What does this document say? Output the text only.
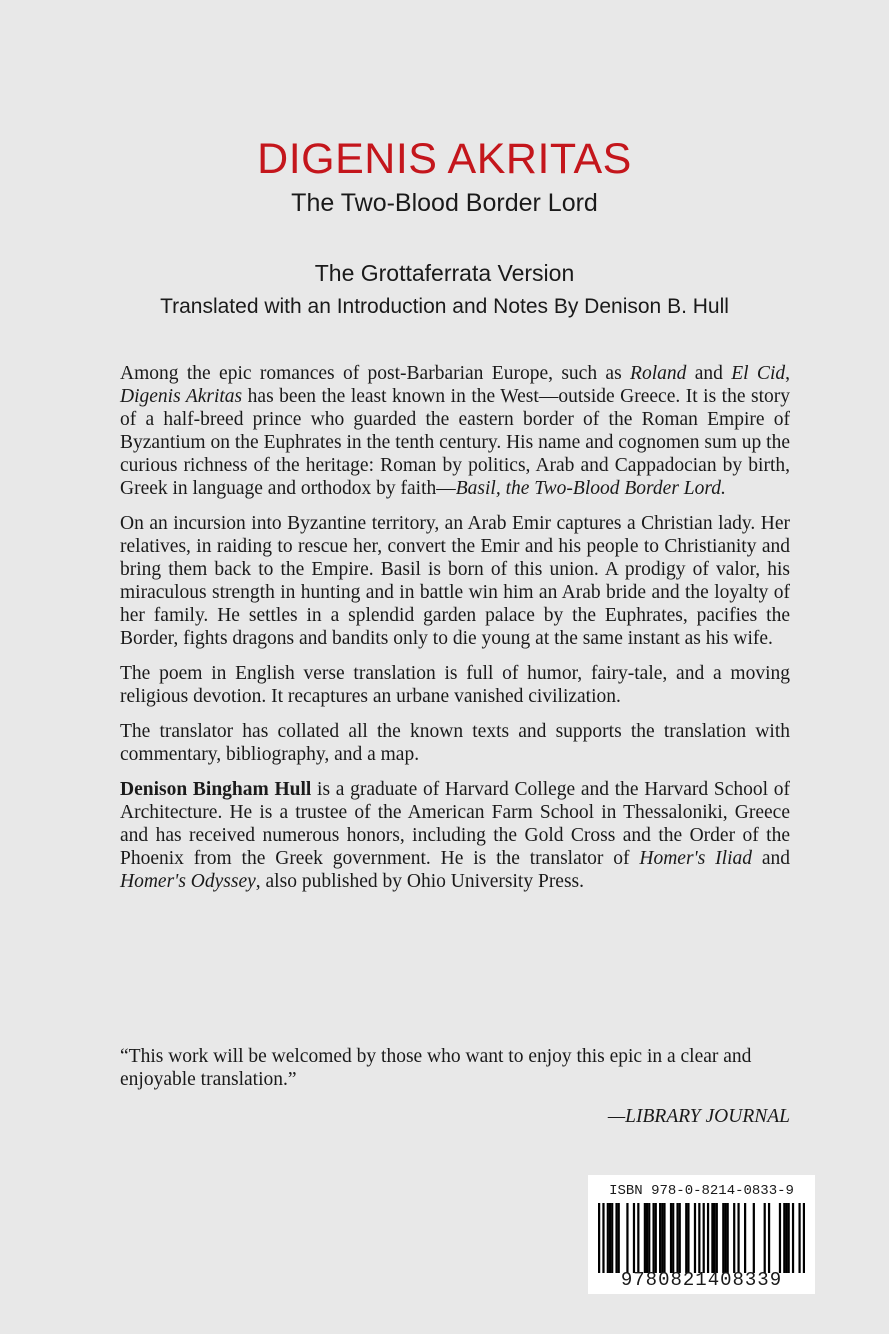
DIGENIS AKRITAS
The Two-Blood Border Lord
The Grottaferrata Version
Translated with an Introduction and Notes By Denison B. Hull

Among the epic romances of post-Barbarian Europe, such as Roland and El Cid, Digenis Akritas has been the least known in the West—outside Greece. It is the story of a half-breed prince who guarded the eastern border of the Roman Empire of Byzantium on the Euphrates in the tenth century. His name and cognomen sum up the curious richness of the heritage: Roman by politics, Arab and Cappadocian by birth, Greek in language and orthodox by faith—Basil, the Two-Blood Border Lord.

On an incursion into Byzantine territory, an Arab Emir captures a Christian lady. Her relatives, in raiding to rescue her, convert the Emir and his people to Christianity and bring them back to the Empire. Basil is born of this union. A prodigy of valor, his miraculous strength in hunting and in battle win him an Arab bride and the loyalty of her family. He settles in a splendid garden palace by the Euphrates, pacifies the Border, fights dragons and bandits only to die young at the same instant as his wife.

The poem in English verse translation is full of humor, fairy-tale, and a moving religious devotion. It recaptures an urbane vanished civilization.

The translator has collated all the known texts and supports the translation with commentary, bibliography, and a map.

Denison Bingham Hull is a graduate of Harvard College and the Harvard School of Architecture. He is a trustee of the American Farm School in Thessaloniki, Greece and has received numerous honors, including the Gold Cross and the Order of the Phoenix from the Greek government. He is the translator of Homer's Iliad and Homer's Odyssey, also published by Ohio University Press.

“This work will be welcomed by those who want to enjoy this epic in a clear and enjoyable translation.”
—LIBRARY JOURNAL
ISBN 978-0-8214-0833-9
9780821408339
